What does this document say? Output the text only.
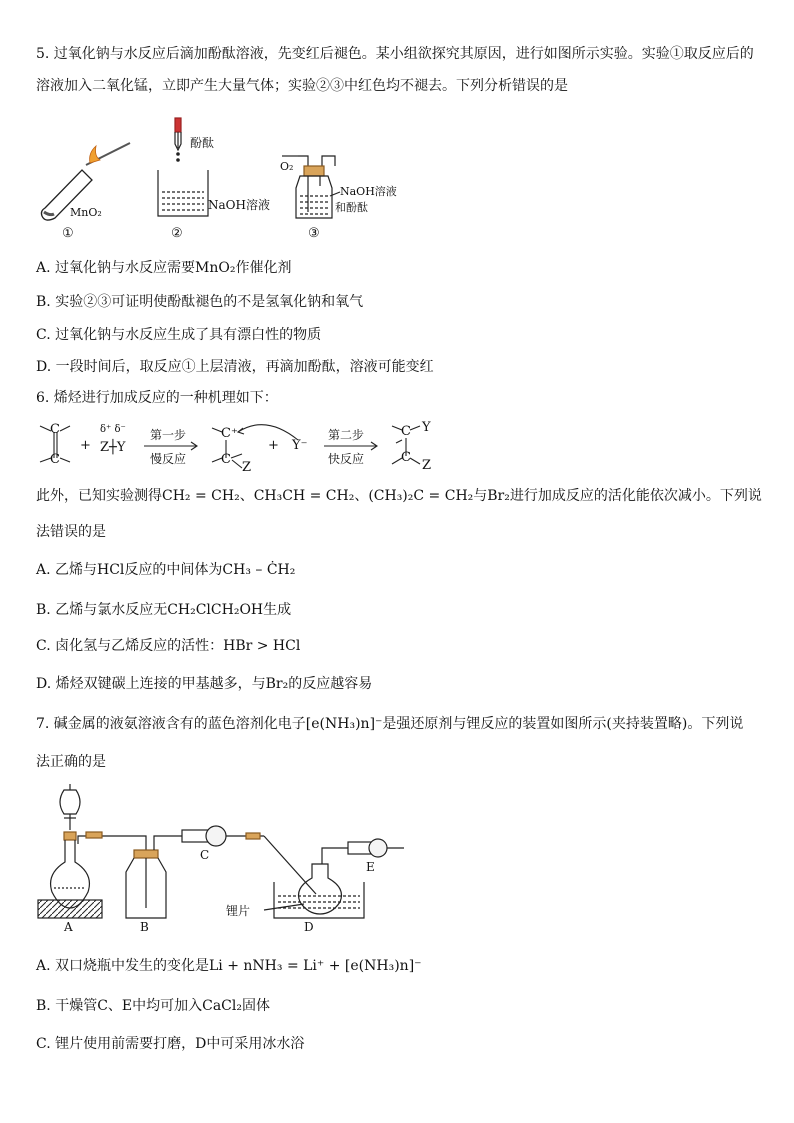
5. 过氧化钠与水反应后滴加酚酞溶液，先变红后褪色。某小组欲探究其原因，进行如图所示实验。实验①取反应后的
溶液加入二氧化锰，立即产生大量气体；实验②③中红色均不褪去。下列分析错误的是
MnO₂
酚酞
NaOH溶液
O₂
NaOH溶液
和酚酞
①	②	③
A. 过氧化钠与水反应需要MnO₂作催化剂
B. 实验②③可证明使酚酞褪色的不是氢氧化钠和氧气
C. 过氧化钠与水反应生成了具有漂白性的物质
D. 一段时间后，取反应①上层清液，再滴加酚酞，溶液可能变红
6. 烯烃进行加成反应的一种机理如下：
C
C
+
δ⁺ δ⁻
Z┼Y
第一步
慢反应
C⁺
C
Z
+ Y⁻
第二步
快反应
C
C
Y
Z
此外，已知实验测得CH₂ = CH₂、CH₃CH = CH₂、(CH₃)₂C = CH₂与Br₂进行加成反应的活化能依次减小。下列说
法错误的是
A. 乙烯与HCl反应的中间体为CH₃ – ĊH₂
B. 乙烯与氯水反应无CH₂ClCH₂OH生成
C. 卤化氢与乙烯反应的活性：HBr > HCl
D. 烯烃双键碳上连接的甲基越多，与Br₂的反应越容易
7. 碱金属的液氨溶液含有的蓝色溶剂化电子[e(NH₃)n]⁻是强还原剂与锂反应的装置如图所示(夹持装置略)。下列说
法正确的是
A	B
C
D
E
锂片
A. 双口烧瓶中发生的变化是Li + nNH₃ = Li⁺ + [e(NH₃)n]⁻
B. 干燥管C、E中均可加入CaCl₂固体
C. 锂片使用前需要打磨，D中可采用冰水浴
